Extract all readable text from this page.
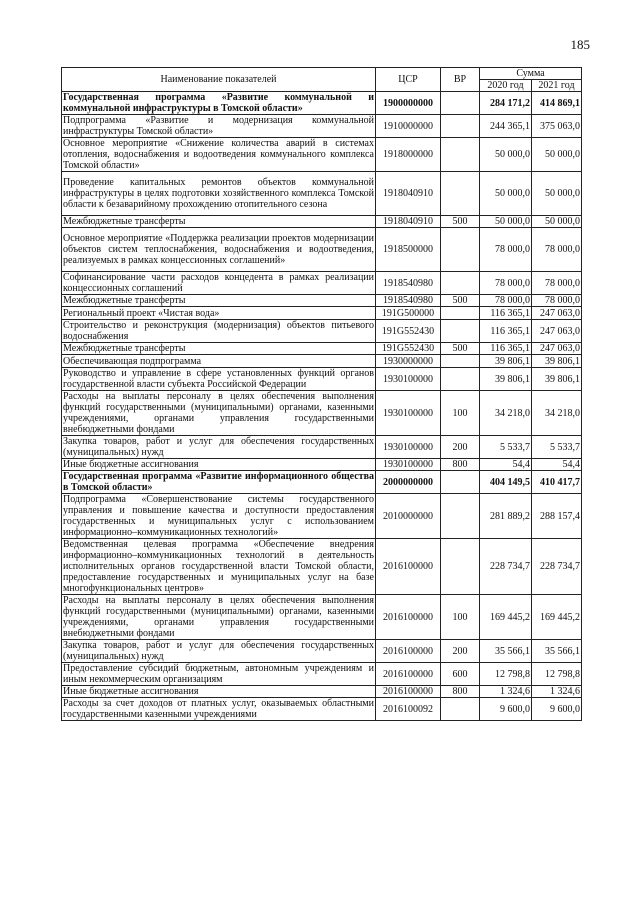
185
Наименование показателей	ЦСР	ВР	Сумма	
			2020 год	2021 год
Государственная программа «Развитие коммунальной и коммунальной инфраструктуры в Томской области»	1900000000		284 171,2	414 869,1
Подпрограмма «Развитие и модернизация коммунальной инфраструктуры Томской области»	1910000000		244 365,1	375 063,0
Основное мероприятие «Снижение количества аварий в системах отопления, водоснабжения и водоотведения коммунального комплекса Томской области»	1918000000		50 000,0	50 000,0
Проведение капитальных ремонтов объектов коммунальной инфраструктуры в целях подготовки хозяйственного комплекса Томской области к безаварийному прохождению отопительного сезона	1918040910		50 000,0	50 000,0
Межбюджетные трансферты	1918040910	500	50 000,0	50 000,0
Основное мероприятие «Поддержка реализации проектов модернизации объектов систем теплоснабжения, водоснабжения и водоотведения, реализуемых в рамках концессионных соглашений»	1918500000		78 000,0	78 000,0
Софинансирование части расходов концедента в рамках реализации концессионных соглашений	1918540980		78 000,0	78 000,0
Межбюджетные трансферты	1918540980	500	78 000,0	78 000,0
Региональный проект «Чистая вода»	191G500000		116 365,1	247 063,0
Строительство и реконструкция (модернизация) объектов питьевого водоснабжения	191G552430		116 365,1	247 063,0
Межбюджетные трансферты	191G552430	500	116 365,1	247 063,0
Обеспечивающая подпрограмма	1930000000		39 806,1	39 806,1
Руководство и управление в сфере установленных функций органов государственной власти субъекта Российской Федерации	1930100000		39 806,1	39 806,1
Расходы на выплаты персоналу в целях обеспечения выполнения функций государственными (муниципальными) органами, казенными учреждениями, органами управления государственными внебюджетными фондами	1930100000	100	34 218,0	34 218,0
Закупка товаров, работ и услуг для обеспечения государственных (муниципальных) нужд	1930100000	200	5 533,7	5 533,7
Иные бюджетные ассигнования	1930100000	800	54,4	54,4
Государственная программа «Развитие информационного общества в Томской области»	2000000000		404 149,5	410 417,7
Подпрограмма «Совершенствование системы государственного управления и повышение качества и доступности предоставления государственных и муниципальных услуг с использованием информационно–коммуникационных технологий»	2010000000		281 889,2	288 157,4
Ведомственная целевая программа «Обеспечение внедрения информационно–коммуникационных технологий в деятельность исполнительных органов государственной власти Томской области, предоставление государственных и муниципальных услуг на базе многофункциональных центров»	2016100000		228 734,7	228 734,7
Расходы на выплаты персоналу в целях обеспечения выполнения функций государственными (муниципальными) органами, казенными учреждениями, органами управления государственными внебюджетными фондами	2016100000	100	169 445,2	169 445,2
Закупка товаров, работ и услуг для обеспечения государственных (муниципальных) нужд	2016100000	200	35 566,1	35 566,1
Предоставление субсидий бюджетным, автономным учреждениям и иным некоммерческим организациям	2016100000	600	12 798,8	12 798,8
Иные бюджетные ассигнования	2016100000	800	1 324,6	1 324,6
Расходы за счет доходов от платных услуг, оказываемых областными государственными казенными учреждениями	2016100092		9 600,0	9 600,0
